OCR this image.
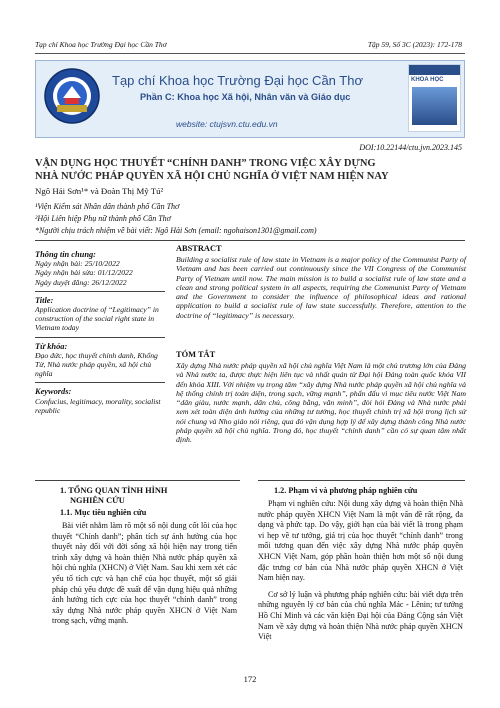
Tạp chí Khoa học Trường Đại học Cần Thơ	Tập 59, Số 3C (2023): 172-178
Tạp chí Khoa học Trường Đại học Cần Thơ
Phần C: Khoa học Xã hội, Nhân văn và Giáo dục
website: ctujsvn.ctu.edu.vn
KHOA HỌC
DOI:10.22144/ctu.jvn.2023.145
VẬN DỤNG HỌC THUYẾT “CHÍNH DANH” TRONG VIỆC XÂY DỰNG
NHÀ NƯỚC PHÁP QUYỀN XÃ HỘI CHỦ NGHĨA Ở VIỆT NAM HIỆN NAY
Ngô Hải Sơn¹* và Đoàn Thị Mỹ Tú²
¹Viện Kiểm sát Nhân dân thành phố Cần Thơ
²Hội Liên hiệp Phụ nữ thành phố Cần Thơ
*Người chịu trách nhiệm về bài viết: Ngô Hải Sơn (email: ngohaison1301@gmail.com)
Thông tin chung:
Ngày nhận bài: 25/10/2022
Ngày nhận bài sửa: 01/12/2022
Ngày duyệt đăng: 26/12/2022
Title:
Application doctrine of “Legitimacy” in construction of the social right state in Vietnam today
Từ khóa:
Đạo đức, học thuyết chính danh, Khổng Tử, Nhà nước pháp quyền, xã hội chủ nghĩa
Keywords:
Confucius, legitimacy, morality, socialist republic
ABSTRACT
Building a socialist rule of law state in Vietnam is a major policy of the Communist Party of Vietnam and has been carried out continuously since the VII Congress of the Communist Party of Vietnam until now. The main mission is to build a socialist rule of law state and a clean and strong political system in all aspects, requiring the Communist Party of Vietnam and the Government to consider the influence of philosophical ideas and rational application to build a socialist rule of law state successfully. Therefore, attention to the doctrine of “legitimacy” is necessary.
TÓM TẮT
Xây dựng Nhà nước pháp quyền xã hội chủ nghĩa Việt Nam là một chủ trương lớn của Đảng và Nhà nước ta, được thực hiện liên tục và nhất quán từ Đại hội Đảng toàn quốc khóa VII đến khóa XIII. Với nhiệm vụ trọng tâm “xây dựng Nhà nước pháp quyền xã hội chủ nghĩa và hệ thống chính trị toàn diện, trong sạch, vững mạnh”, phấn đấu vì mục tiêu nước Việt Nam “dân giàu, nước mạnh, dân chủ, công bằng, văn minh”, đòi hỏi Đảng và Nhà nước phải xem xét toàn diện ảnh hưởng của những tư tưởng, học thuyết chính trị xã hội trong lịch sử nói chung và Nho giáo nói riêng, qua đó vận dụng hợp lý để xây dựng thành công Nhà nước pháp quyền xã hội chủ nghĩa. Trong đó, học thuyết “chính danh” cần có sự quan tâm nhất định.
1. TỔNG QUAN TÌNH HÌNH
NGHIÊN CỨU
1.1. Mục tiêu nghiên cứu
Bài viết nhằm làm rõ một số nội dung cốt lõi của học thuyết “Chính danh”; phân tích sự ảnh hưởng của học thuyết này đối với đời sống xã hội hiện nay trong tiến trình xây dựng và hoàn thiện Nhà nước pháp quyền xã hội chủ nghĩa (XHCN) ở Việt Nam. Sau khi xem xét các yếu tố tích cực và hạn chế của học thuyết, một số giải pháp chủ yếu được đề xuất để vận dụng hiệu quả những ảnh hưởng tích cực của học thuyết “chính danh” trong xây dựng Nhà nước pháp quyền XHCN ở Việt Nam trong sạch, vững mạnh.
1.2. Phạm vi và phương pháp nghiên cứu
Phạm vi nghiên cứu: Nội dung xây dựng và hoàn thiện Nhà nước pháp quyền XHCN Việt Nam là một vấn đề rất rộng, đa dạng và phức tạp. Do vậy, giới hạn của bài viết là trong phạm vi hẹp về tư tưởng, giá trị của học thuyết “chính danh” trong mối tương quan đến việc xây dựng Nhà nước pháp quyền XHCN Việt Nam, góp phần hoàn thiện hơn một số nội dung đặc trưng cơ bản của Nhà nước pháp quyền XHCN ở Việt Nam hiện nay.
Cơ sở lý luận và phương pháp nghiên cứu: bài viết dựa trên những nguyên lý cơ bản của chủ nghĩa Mác - Lênin; tư tưởng Hồ Chí Minh và các văn kiện Đại hội của Đảng Cộng sản Việt Nam về xây dựng và hoàn thiện Nhà nước pháp quyền XHCN Việt
172
